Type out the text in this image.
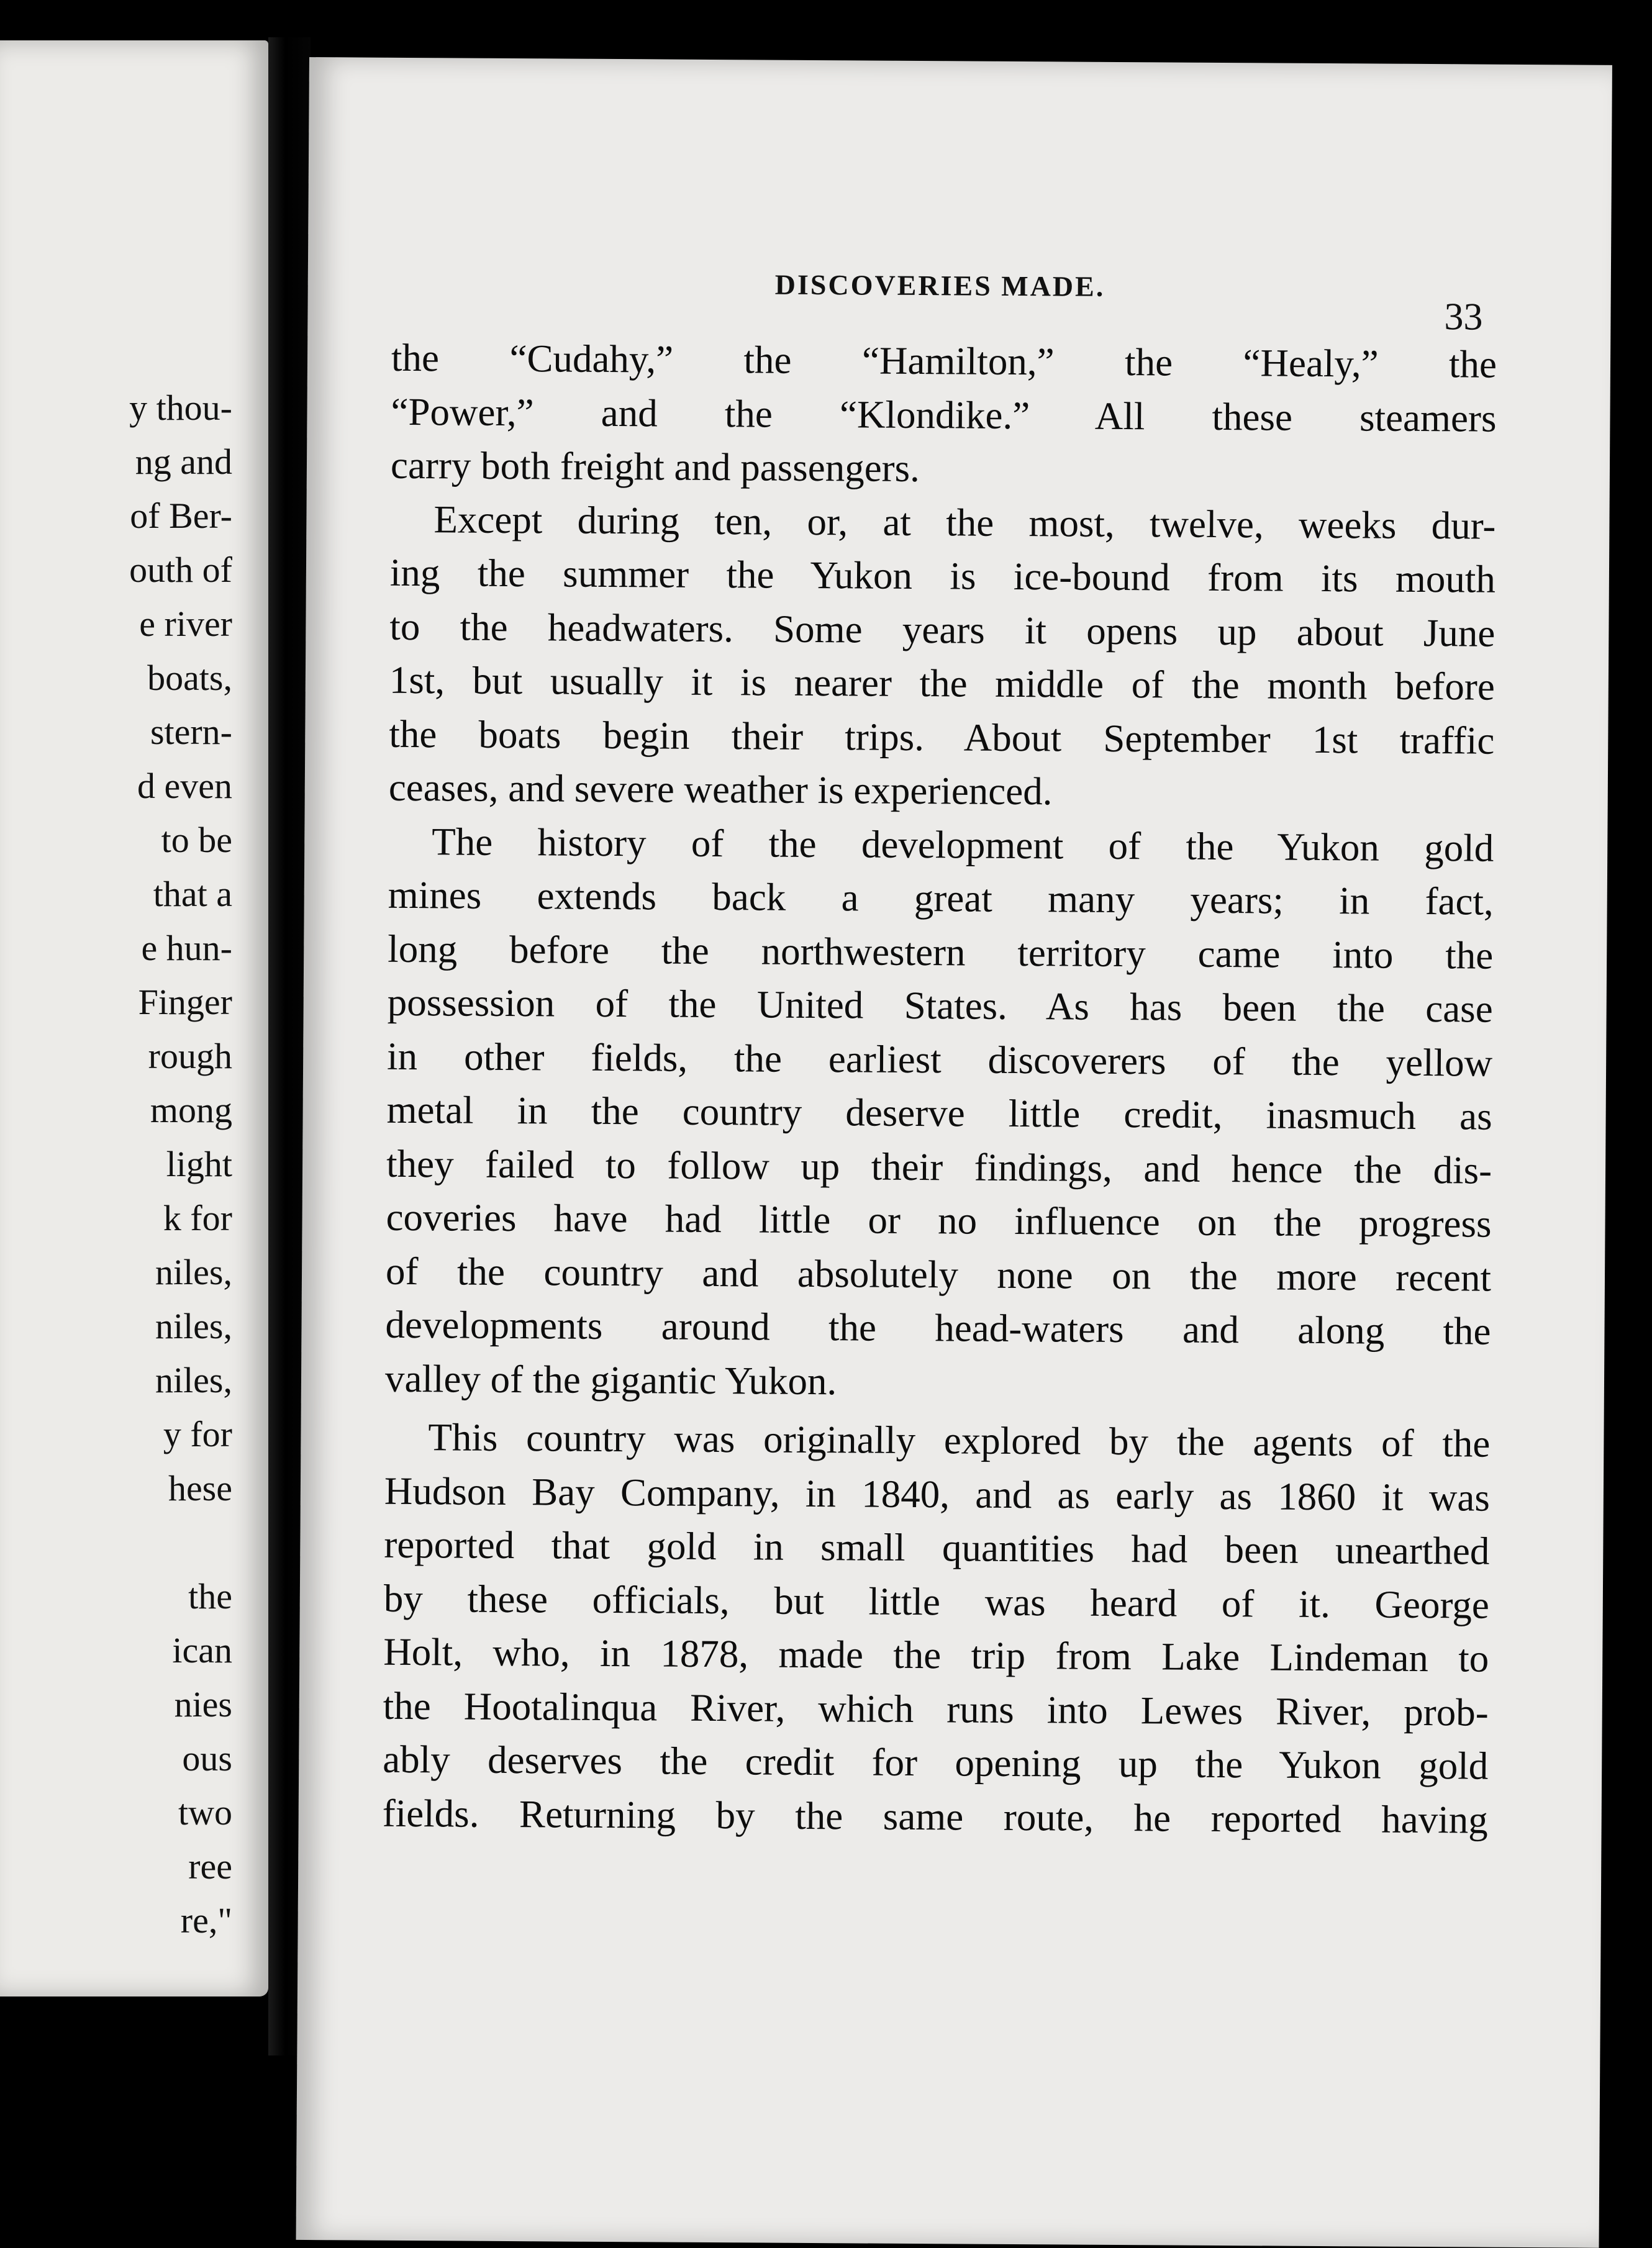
y thou-
ng and
of Ber-
outh of
e river
boats,
stern-
d even
to be
that a
e hun-
Finger
rough
mong
light
k for
niles,
niles,
niles,
y for
hese

the
ican
nies
ous
two
ree
re,"
DISCOVERIES MADE.
33
the “Cudahy,” the “Hamilton,” the “Healy,” the
“Power,” and the “Klondike.” All these steamers
carry both freight and passengers.
Except during ten, or, at the most, twelve, weeks dur-
ing the summer the Yukon is ice-bound from its mouth
to the headwaters. Some years it opens up about June
1st, but usually it is nearer the middle of the month before
the boats begin their trips. About September 1st traffic
ceases, and severe weather is experienced.
The history of the development of the Yukon gold
mines extends back a great many years; in fact,
long before the northwestern territory came into the
possession of the United States. As has been the case
in other fields, the earliest discoverers of the yellow
metal in the country deserve little credit, inasmuch as
they failed to follow up their findings, and hence the dis-
coveries have had little or no influence on the progress
of the country and absolutely none on the more recent
developments around the head-waters and along the
valley of the gigantic Yukon.
This country was originally explored by the agents of the
Hudson Bay Company, in 1840, and as early as 1860 it was
reported that gold in small quantities had been unearthed
by these officials, but little was heard of it. George
Holt, who, in 1878, made the trip from Lake Lindeman to
the Hootalinqua River, which runs into Lewes River, prob-
ably deserves the credit for opening up the Yukon gold
fields. Returning by the same route, he reported having
